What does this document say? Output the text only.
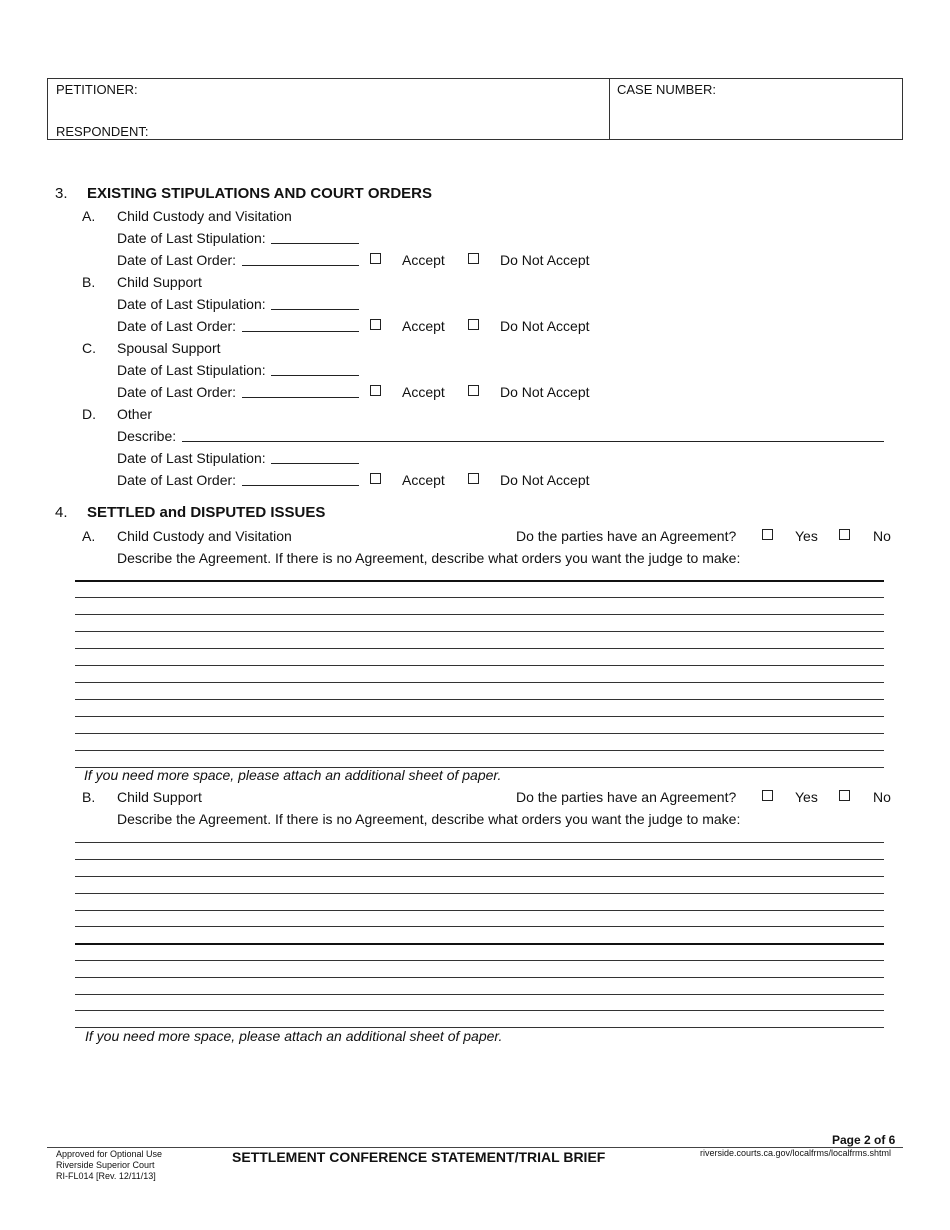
PETITIONER:
RESPONDENT:
CASE NUMBER:
3. EXISTING STIPULATIONS AND COURT ORDERS
A. Child Custody and Visitation
Date of Last Stipulation:
Date of Last Order:	Accept	Do Not Accept
B. Child Support
Date of Last Stipulation:
Date of Last Order:	Accept	Do Not Accept
C. Spousal Support
Date of Last Stipulation:
Date of Last Order:	Accept	Do Not Accept
D. Other
Describe:
Date of Last Stipulation:
Date of Last Order:	Accept	Do Not Accept
4. SETTLED and DISPUTED ISSUES
A. Child Custody and Visitation	Do the parties have an Agreement?	Yes	No
Describe the Agreement. If there is no Agreement, describe what orders you want the judge to make:
If you need more space, please attach an additional sheet of paper.
B. Child Support	Do the parties have an Agreement?	Yes	No
Describe the Agreement. If there is no Agreement, describe what orders you want the judge to make:
If you need more space, please attach an additional sheet of paper.
Page 2 of 6
Approved for Optional Use
Riverside Superior Court
RI-FL014 [Rev. 12/11/13]
SETTLEMENT CONFERENCE STATEMENT/TRIAL BRIEF	riverside.courts.ca.gov/localfrms/localfrms.shtml
